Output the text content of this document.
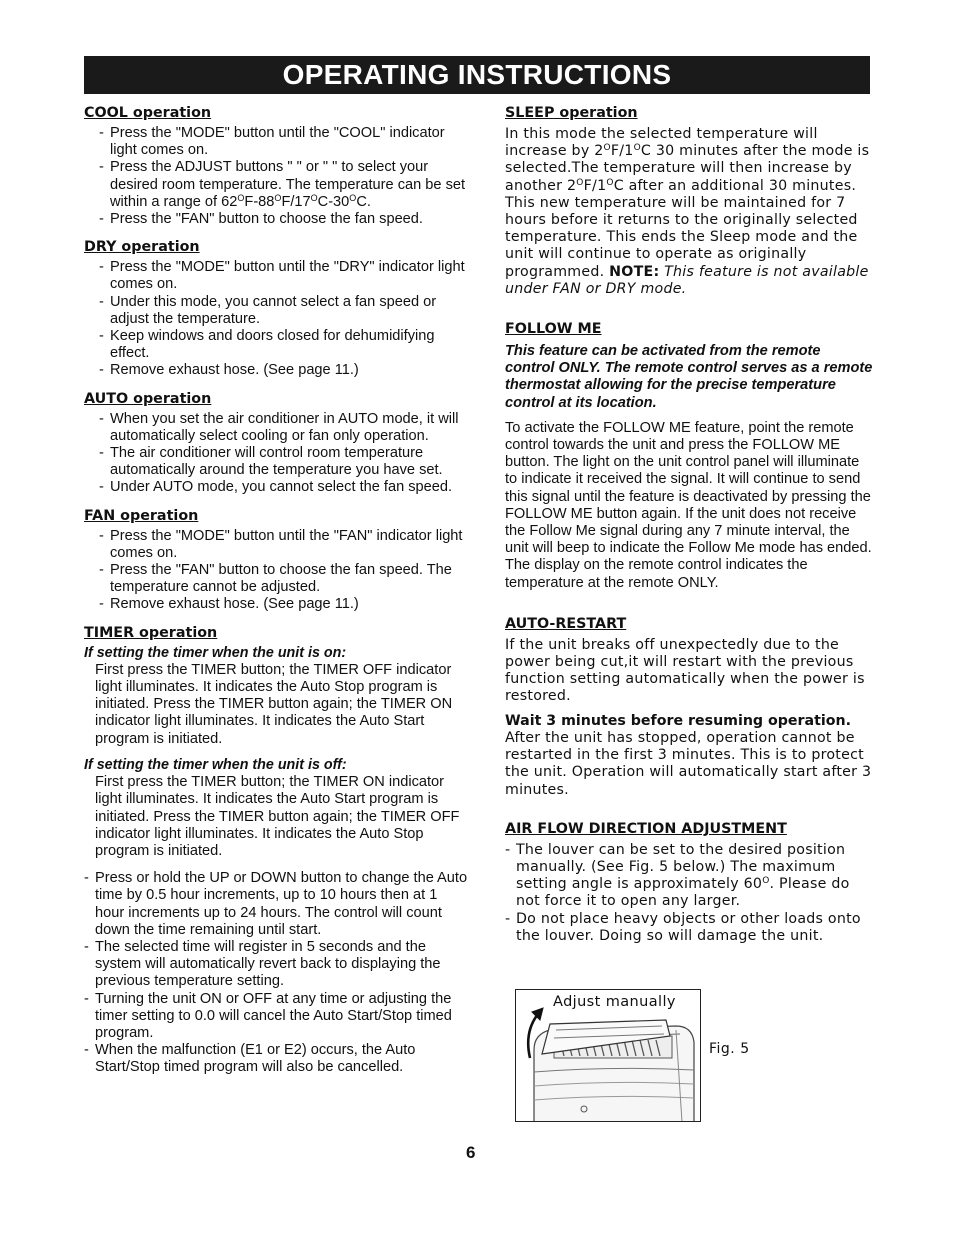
OPERATING INSTRUCTIONS
COOL operation
- Press the "MODE" button until the "COOL" indicator light comes on.
- Press the ADJUST buttons " " or " " to select your desired room temperature. The temperature can be set within a range of $62^OF-88^OF/17^OC-30^OC$.
- Press the "FAN" button to choose the fan speed.
DRY operation
- Press the "MODE" button until the "DRY" indicator light comes on.
- Under this mode, you cannot select a fan speed or adjust the temperature.
- Keep windows and doors closed for dehumidifying effect.
- Remove exhaust hose. (See page 11.)
AUTO operation
- When you set the air conditioner in AUTO mode, it will automatically select cooling or fan only operation.
- The air conditioner will control room temperature automatically around the temperature you have set.
- Under AUTO mode, you cannot select the fan speed.
FAN operation
- Press the "MODE" button until the "FAN" indicator light comes on.
- Press the "FAN" button to choose the fan speed. The temperature cannot be adjusted.
- Remove exhaust hose. (See page 11.)
TIMER operation

If setting the timer when the unit is on:

First press the TIMER button; the TIMER OFF indicator light illuminates. It indicates the Auto Stop program is initiated. Press the TIMER button again; the TIMER ON indicator light illuminates. It indicates the Auto Start program is initiated.

If setting the timer when the unit is off:

First press the TIMER button; the TIMER ON indicator light illuminates. It indicates the Auto Start program is initiated. Press the TIMER button again; the TIMER OFF indicator light illuminates. It indicates the Auto Stop program is initiated.

- Press or hold the UP or DOWN button to change the Auto time by 0.5 hour increments, up to 10 hours then at 1 hour increments up to 24 hours. The control will count down the time remaining until start.
- The selected time will register in 5 seconds and the system will automatically revert back to displaying the previous temperature setting.
- Turning the unit ON or OFF at any time or adjusting the timer setting to 0.0 will cancel the Auto Start/Stop timed program.
- When the malfunction (E1 or E2) occurs, the Auto Start/Stop timed program will also be cancelled.
SLEEP operation

In this mode the selected temperature will increase by $2^OF/1^OC$ 30 minutes after the mode is selected.The temperature will then increase by another $2^OF/1^OC$ after an additional 30 minutes. This new temperature will be maintained for 7 hours before it returns to the originally selected temperature. This ends the Sleep mode and the unit will continue to operate as originally programmed. NOTE: This feature is not available under FAN or DRY mode.

FOLLOW ME

This feature can be activated from the remote control ONLY. The remote control serves as a remote thermostat allowing for the precise temperature control at its location.

To activate the FOLLOW ME feature, point the remote control towards the unit and press the FOLLOW ME button. The light on the unit control panel will illuminate to indicate it received the signal. It will continue to send this signal until the feature is deactivated by pressing the FOLLOW ME button again. If the unit does not receive the Follow Me signal during any 7 minute interval, the unit will beep to indicate the Follow Me mode has ended. The display on the remote control indicates the temperature at the remote ONLY.

AUTO-RESTART

If the unit breaks off unexpectedly due to the power being cut,it will restart with the previous function setting automatically when the power is restored.

Wait 3 minutes before resuming operation.

After the unit has stopped, operation cannot be restarted in the first 3 minutes. This is to protect the unit. Operation will automatically start after 3 minutes.

AIR FLOW DIRECTION ADJUSTMENT
- The louver can be set to the desired position manually. (See Fig. 5 below.) The maximum setting angle is approximately $60^O$. Please do not force it to open any larger.
- Do not place heavy objects or other loads onto the louver. Doing so will damage the unit.
Adjust manually
Fig. 5
6
